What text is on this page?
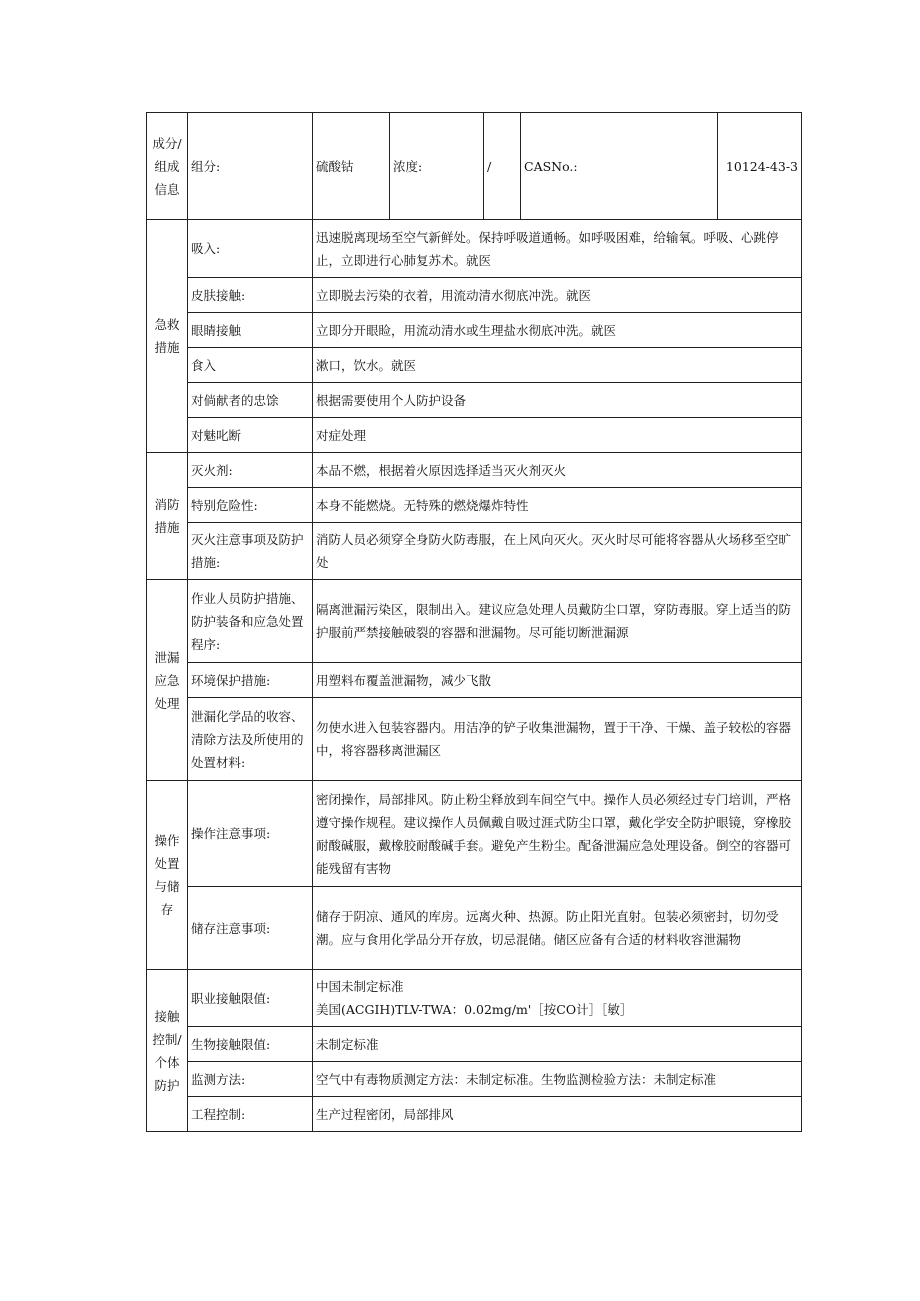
成分/组成信息	组分:	硫酸钴	浓度:	/	CASNo.:	10124-43-3
急救措施	吸入:	迅速脱离现场至空气新鲜处。保持呼吸道通畅。如呼吸困难，给输氧。呼吸、心跳停止，立即进行心肺复苏术。就医				
	皮肤接触:	立即脱去污染的衣着，用流动清水彻底冲洗。就医				
	眼睛接触	立即分开眼睑，用流动清水或生理盐水彻底冲洗。就医				
	食入	漱口，饮水。就医				
	对倘献者的忠馀	根据需要使用个人防护设备				
	对魅叱断	对症处理				
消防措施	灭火剂:	本品不燃，根据着火原因选择适当灭火剂灭火				
	特别危险性:	本身不能燃烧。无特殊的燃烧爆炸特性				
	灭火注意事项及防护措施:	消防人员必须穿全身防火防毒服，在上风向灭火。灭火时尽可能将容器从火场移至空旷处				
泄漏应急处理	作业人员防护措施、防护装备和应急处置程序:	隔离泄漏污染区，限制出入。建议应急处理人员戴防尘口罩，穿防毒服。穿上适当的防护服前严禁接触破裂的容器和泄漏物。尽可能切断泄漏源				
	环境保护措施:	用塑料布覆盖泄漏物，减少飞散				
	泄漏化学品的收容、清除方法及所使用的处置材料:	勿使水进入包装容器内。用洁净的铲子收集泄漏物，置于干净、干燥、盖子较松的容器中，将容器移离泄漏区				
操作处置与储存	操作注意事项:	密闭操作，局部排风。防止粉尘释放到车间空气中。操作人员必须经过专门培训，严格遵守操作规程。建议操作人员佩戴自吸过涯式防尘口罩，戴化学安全防护眼镜，穿橡胶耐酸碱服，戴橡胶耐酸碱手套。避免产生粉尘。配备泄漏应急处理设备。倒空的容器可能残留有害物				
	储存注意事项:	储存于阴凉、通风的库房。远离火种、热源。防止阳光直射。包装必须密封，切勿受潮。应与食用化学品分开存放，切忌混储。储区应备有合适的材料收容泄漏物				
接触控制/个体防护	职业接触限值:	中国未制定标准
美国(ACGIH)TLV-TWA：0.02mg/m'［按CO计］［敏］				

	生物接触限值:	未制定标准				
	监测方法:	空气中有毒物质测定方法：未制定标准。生物监测检验方法：未制定标准				
	工程控制:	生产过程密闭，局部排风				
